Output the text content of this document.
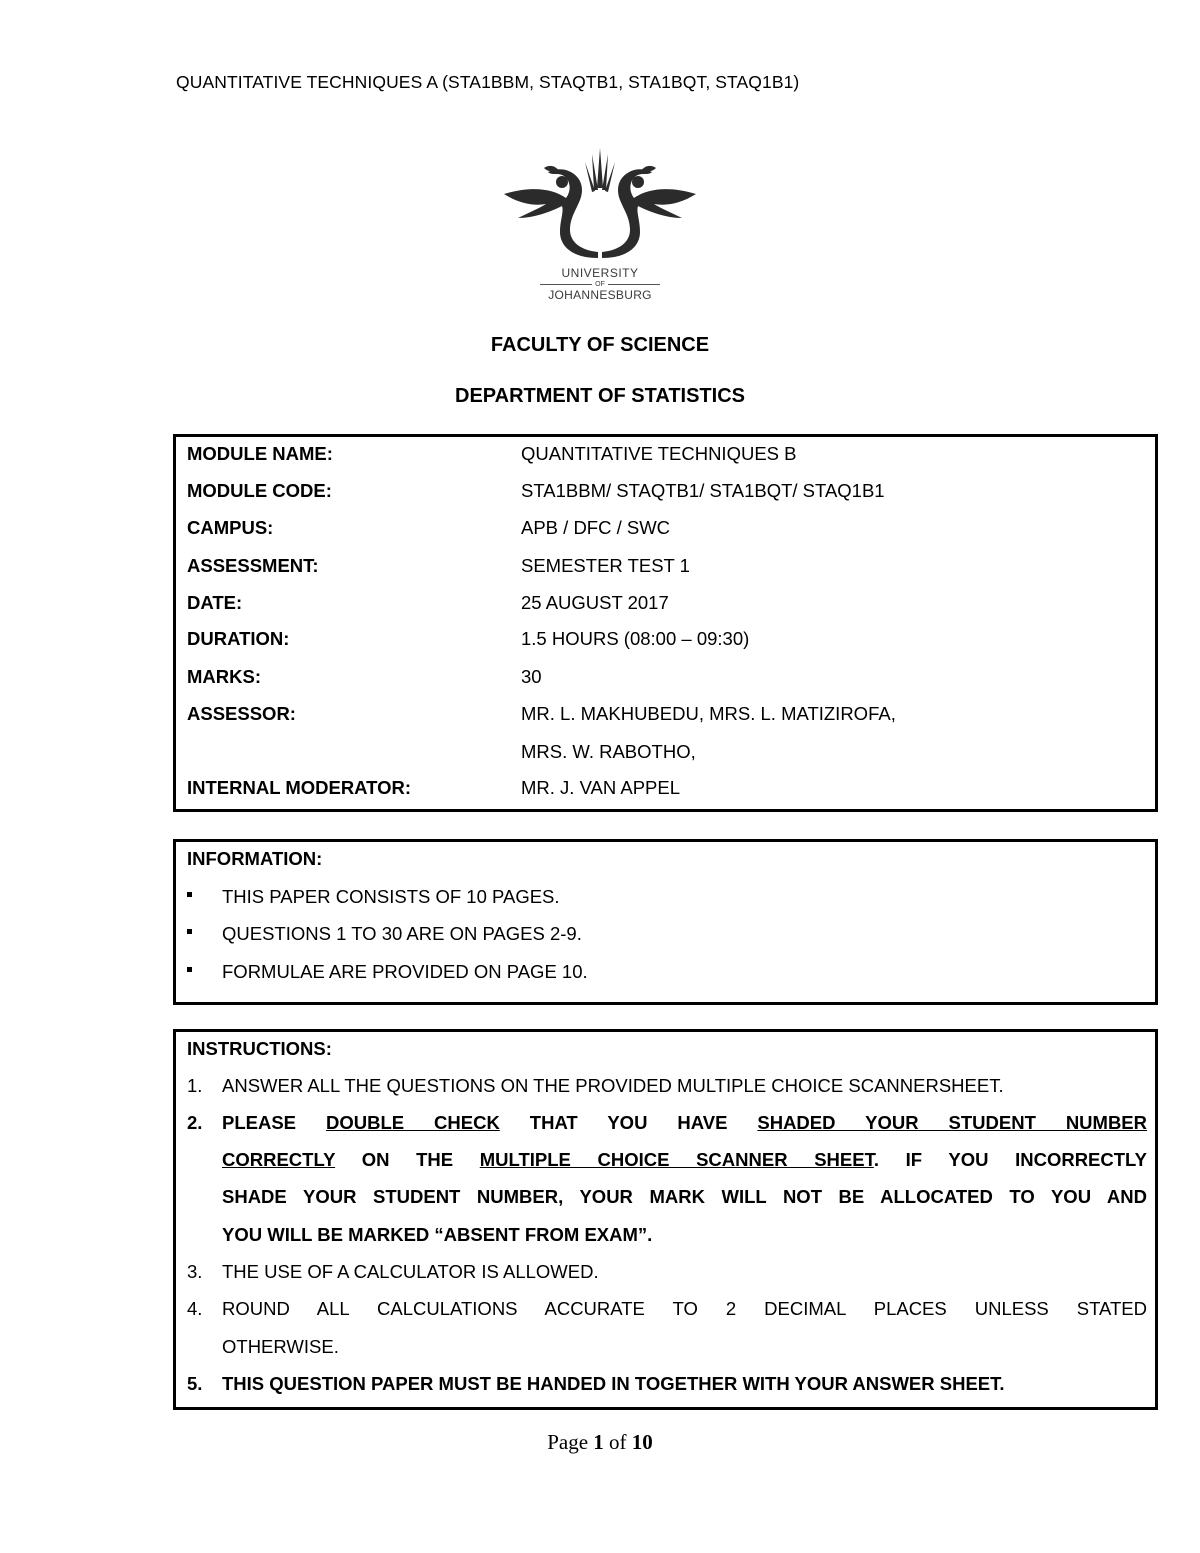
QUANTITATIVE TECHNIQUES A (STA1BBM, STAQTB1, STA1BQT, STAQ1B1)
UNIVERSITY
OF
JOHANNESBURG
FACULTY OF SCIENCE
DEPARTMENT OF STATISTICS
MODULE NAME:	QUANTITATIVE TECHNIQUES B
MODULE CODE:	STA1BBM/ STAQTB1/ STA1BQT/ STAQ1B1
CAMPUS:	APB / DFC / SWC
ASSESSMENT:	SEMESTER TEST 1
DATE:	25 AUGUST 2017
DURATION:	1.5 HOURS (08:00 – 09:30)
MARKS:	30
ASSESSOR:	MR. L. MAKHUBEDU, MRS. L. MATIZIROFA,
MRS. W. RABOTHO,
INTERNAL MODERATOR:	MR. J. VAN APPEL
INFORMATION:
THIS PAPER CONSISTS OF 10 PAGES.
QUESTIONS 1 TO 30 ARE ON PAGES 2-9.
FORMULAE ARE PROVIDED ON PAGE 10.
INSTRUCTIONS:
1. ANSWER ALL THE QUESTIONS ON THE PROVIDED MULTIPLE CHOICE SCANNERSHEET.
2. PLEASE DOUBLE CHECK THAT YOU HAVE SHADED YOUR STUDENT NUMBER
CORRECTLY ON THE MULTIPLE CHOICE SCANNER SHEET. IF YOU INCORRECTLY
SHADE YOUR STUDENT NUMBER, YOUR MARK WILL NOT BE ALLOCATED TO YOU AND
YOU WILL BE MARKED “ABSENT FROM EXAM”.
3. THE USE OF A CALCULATOR IS ALLOWED.
4. ROUND ALL CALCULATIONS ACCURATE TO 2 DECIMAL PLACES UNLESS STATED
OTHERWISE.
5. THIS QUESTION PAPER MUST BE HANDED IN TOGETHER WITH YOUR ANSWER SHEET.
Page 1 of 10
